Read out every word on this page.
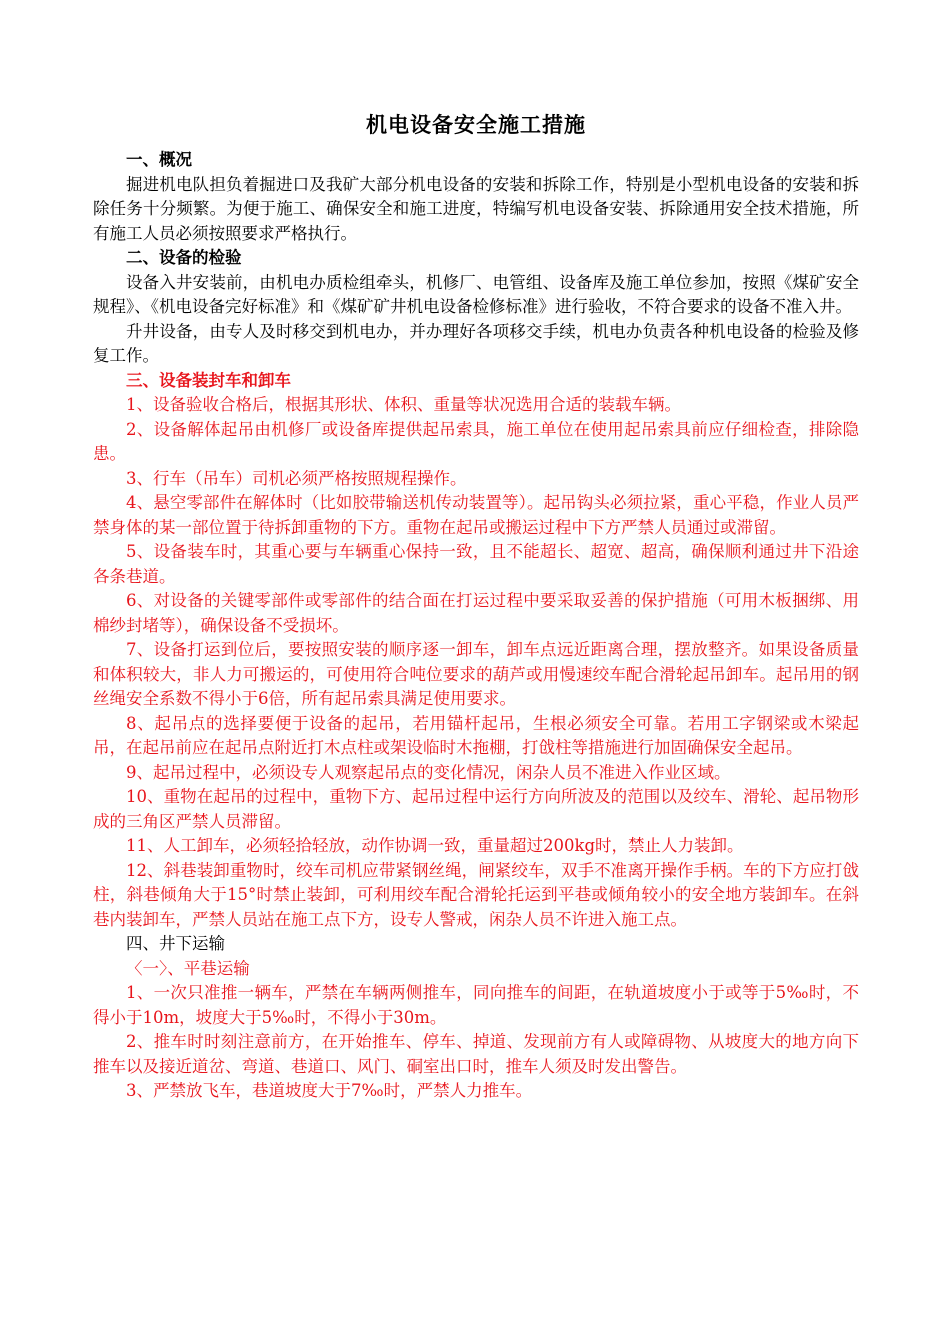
机电设备安全施工措施

一、概况

掘进机电队担负着掘进口及我矿大部分机电设备的安装和拆除工作，特别是小型机电设备的安装和拆除任务十分频繁。为便于施工、确保安全和施工进度，特编写机电设备安装、拆除通用安全技术措施，所有施工人员必须按照要求严格执行。

二、设备的检验

设备入井安装前，由机电办质检组牵头，机修厂、电管组、设备库及施工单位参加，按照《煤矿安全规程》、《机电设备完好标准》和《煤矿矿井机电设备检修标准》进行验收，不符合要求的设备不准入井。

升井设备，由专人及时移交到机电办，并办理好各项移交手续，机电办负责各种机电设备的检验及修复工作。

三、设备装封车和卸车

1、设备验收合格后，根据其形状、体积、重量等状况选用合适的装载车辆。

2、设备解体起吊由机修厂或设备库提供起吊索具，施工单位在使用起吊索具前应仔细检查，排除隐患。

3、行车（吊车）司机必须严格按照规程操作。

4、悬空零部件在解体时（比如胶带输送机传动装置等）。起吊钩头必须拉紧，重心平稳，作业人员严禁身体的某一部位置于待拆卸重物的下方。重物在起吊或搬运过程中下方严禁人员通过或滞留。

5、设备装车时，其重心要与车辆重心保持一致，且不能超长、超宽、超高，确保顺利通过井下沿途各条巷道。

6、对设备的关键零部件或零部件的结合面在打运过程中要采取妥善的保护措施（可用木板捆绑、用棉纱封堵等），确保设备不受损坏。

7、设备打运到位后，要按照安装的顺序逐一卸车，卸车点远近距离合理，摆放整齐。如果设备质量和体积较大，非人力可搬运的，可使用符合吨位要求的葫芦或用慢速绞车配合滑轮起吊卸车。起吊用的钢丝绳安全系数不得小于6倍，所有起吊索具满足使用要求。

8、起吊点的选择要便于设备的起吊，若用锚杆起吊，生根必须安全可靠。若用工字钢梁或木梁起吊，在起吊前应在起吊点附近打木点柱或架设临时木拖棚，打戗柱等措施进行加固确保安全起吊。

9、起吊过程中，必须设专人观察起吊点的变化情况，闲杂人员不准进入作业区域。

10、重物在起吊的过程中，重物下方、起吊过程中运行方向所波及的范围以及绞车、滑轮、起吊物形成的三角区严禁人员滞留。

11、人工卸车，必须轻拾轻放，动作协调一致，重量超过200kg时，禁止人力装卸。

12、斜巷装卸重物时，绞车司机应带紧钢丝绳，闸紧绞车，双手不准离开操作手柄。车的下方应打戗柱，斜巷倾角大于15°时禁止装卸，可利用绞车配合滑轮托运到平巷或倾角较小的安全地方装卸车。在斜巷内装卸车，严禁人员站在施工点下方，设专人警戒，闲杂人员不许进入施工点。

四、井下运输

〈一〉、平巷运输

1、一次只准推一辆车，严禁在车辆两侧推车，同向推车的间距，在轨道坡度小于或等于5‰时，不得小于10m，坡度大于5‰时，不得小于30m。

2、推车时时刻注意前方，在开始推车、停车、掉道、发现前方有人或障碍物、从坡度大的地方向下推车以及接近道岔、弯道、巷道口、风门、硐室出口时，推车人须及时发出警告。

3、严禁放飞车，巷道坡度大于7‰时，严禁人力推车。
